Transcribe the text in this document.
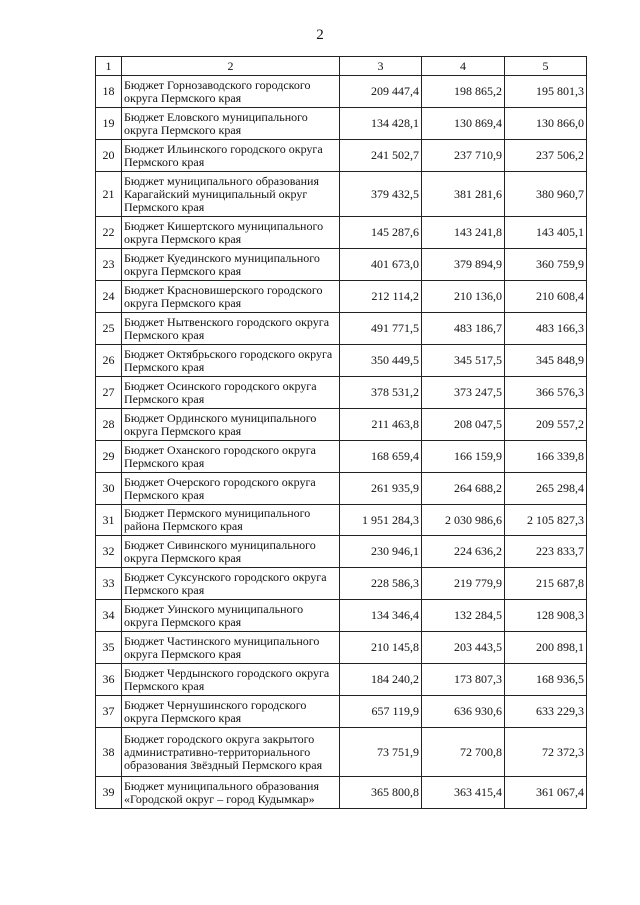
2
1	2	3	4	5
18	Бюджет Горнозаводского городского округа Пермского края	209 447,4	198 865,2	195 801,3
19	Бюджет Еловского муниципального округа Пермского края	134 428,1	130 869,4	130 866,0
20	Бюджет Ильинского городского округа Пермского края	241 502,7	237 710,9	237 506,2
21	Бюджет муниципального образования Карагайский муниципальный округ Пермского края	379 432,5	381 281,6	380 960,7
22	Бюджет Кишертского муниципального округа Пермского края	145 287,6	143 241,8	143 405,1
23	Бюджет Куединского муниципального округа Пермского края	401 673,0	379 894,9	360 759,9
24	Бюджет Красновишерского городского округа Пермского края	212 114,2	210 136,0	210 608,4
25	Бюджет Нытвенского городского округа Пермского края	491 771,5	483 186,7	483 166,3
26	Бюджет Октябрьского городского округа Пермского края	350 449,5	345 517,5	345 848,9
27	Бюджет Осинского городского округа Пермского края	378 531,2	373 247,5	366 576,3
28	Бюджет Ординского муниципального округа Пермского края	211 463,8	208 047,5	209 557,2
29	Бюджет Оханского городского округа Пермского края	168 659,4	166 159,9	166 339,8
30	Бюджет Очерского городского округа Пермского края	261 935,9	264 688,2	265 298,4
31	Бюджет Пермского муниципального района Пермского края	1 951 284,3	2 030 986,6	2 105 827,3
32	Бюджет Сивинского муниципального округа Пермского края	230 946,1	224 636,2	223 833,7
33	Бюджет Суксунского городского округа Пермского края	228 586,3	219 779,9	215 687,8
34	Бюджет Уинского муниципального округа Пермского края	134 346,4	132 284,5	128 908,3
35	Бюджет Частинского муниципального округа Пермского края	210 145,8	203 443,5	200 898,1
36	Бюджет Чердынского городского округа Пермского края	184 240,2	173 807,3	168 936,5
37	Бюджет Чернушинского городского округа Пермского края	657 119,9	636 930,6	633 229,3
38	Бюджет городского округа закрытого административно-территориального образования Звёздный Пермского края	73 751,9	72 700,8	72 372,3
39	Бюджет муниципального образования «Городской округ – город Кудымкар»	365 800,8	363 415,4	361 067,4
